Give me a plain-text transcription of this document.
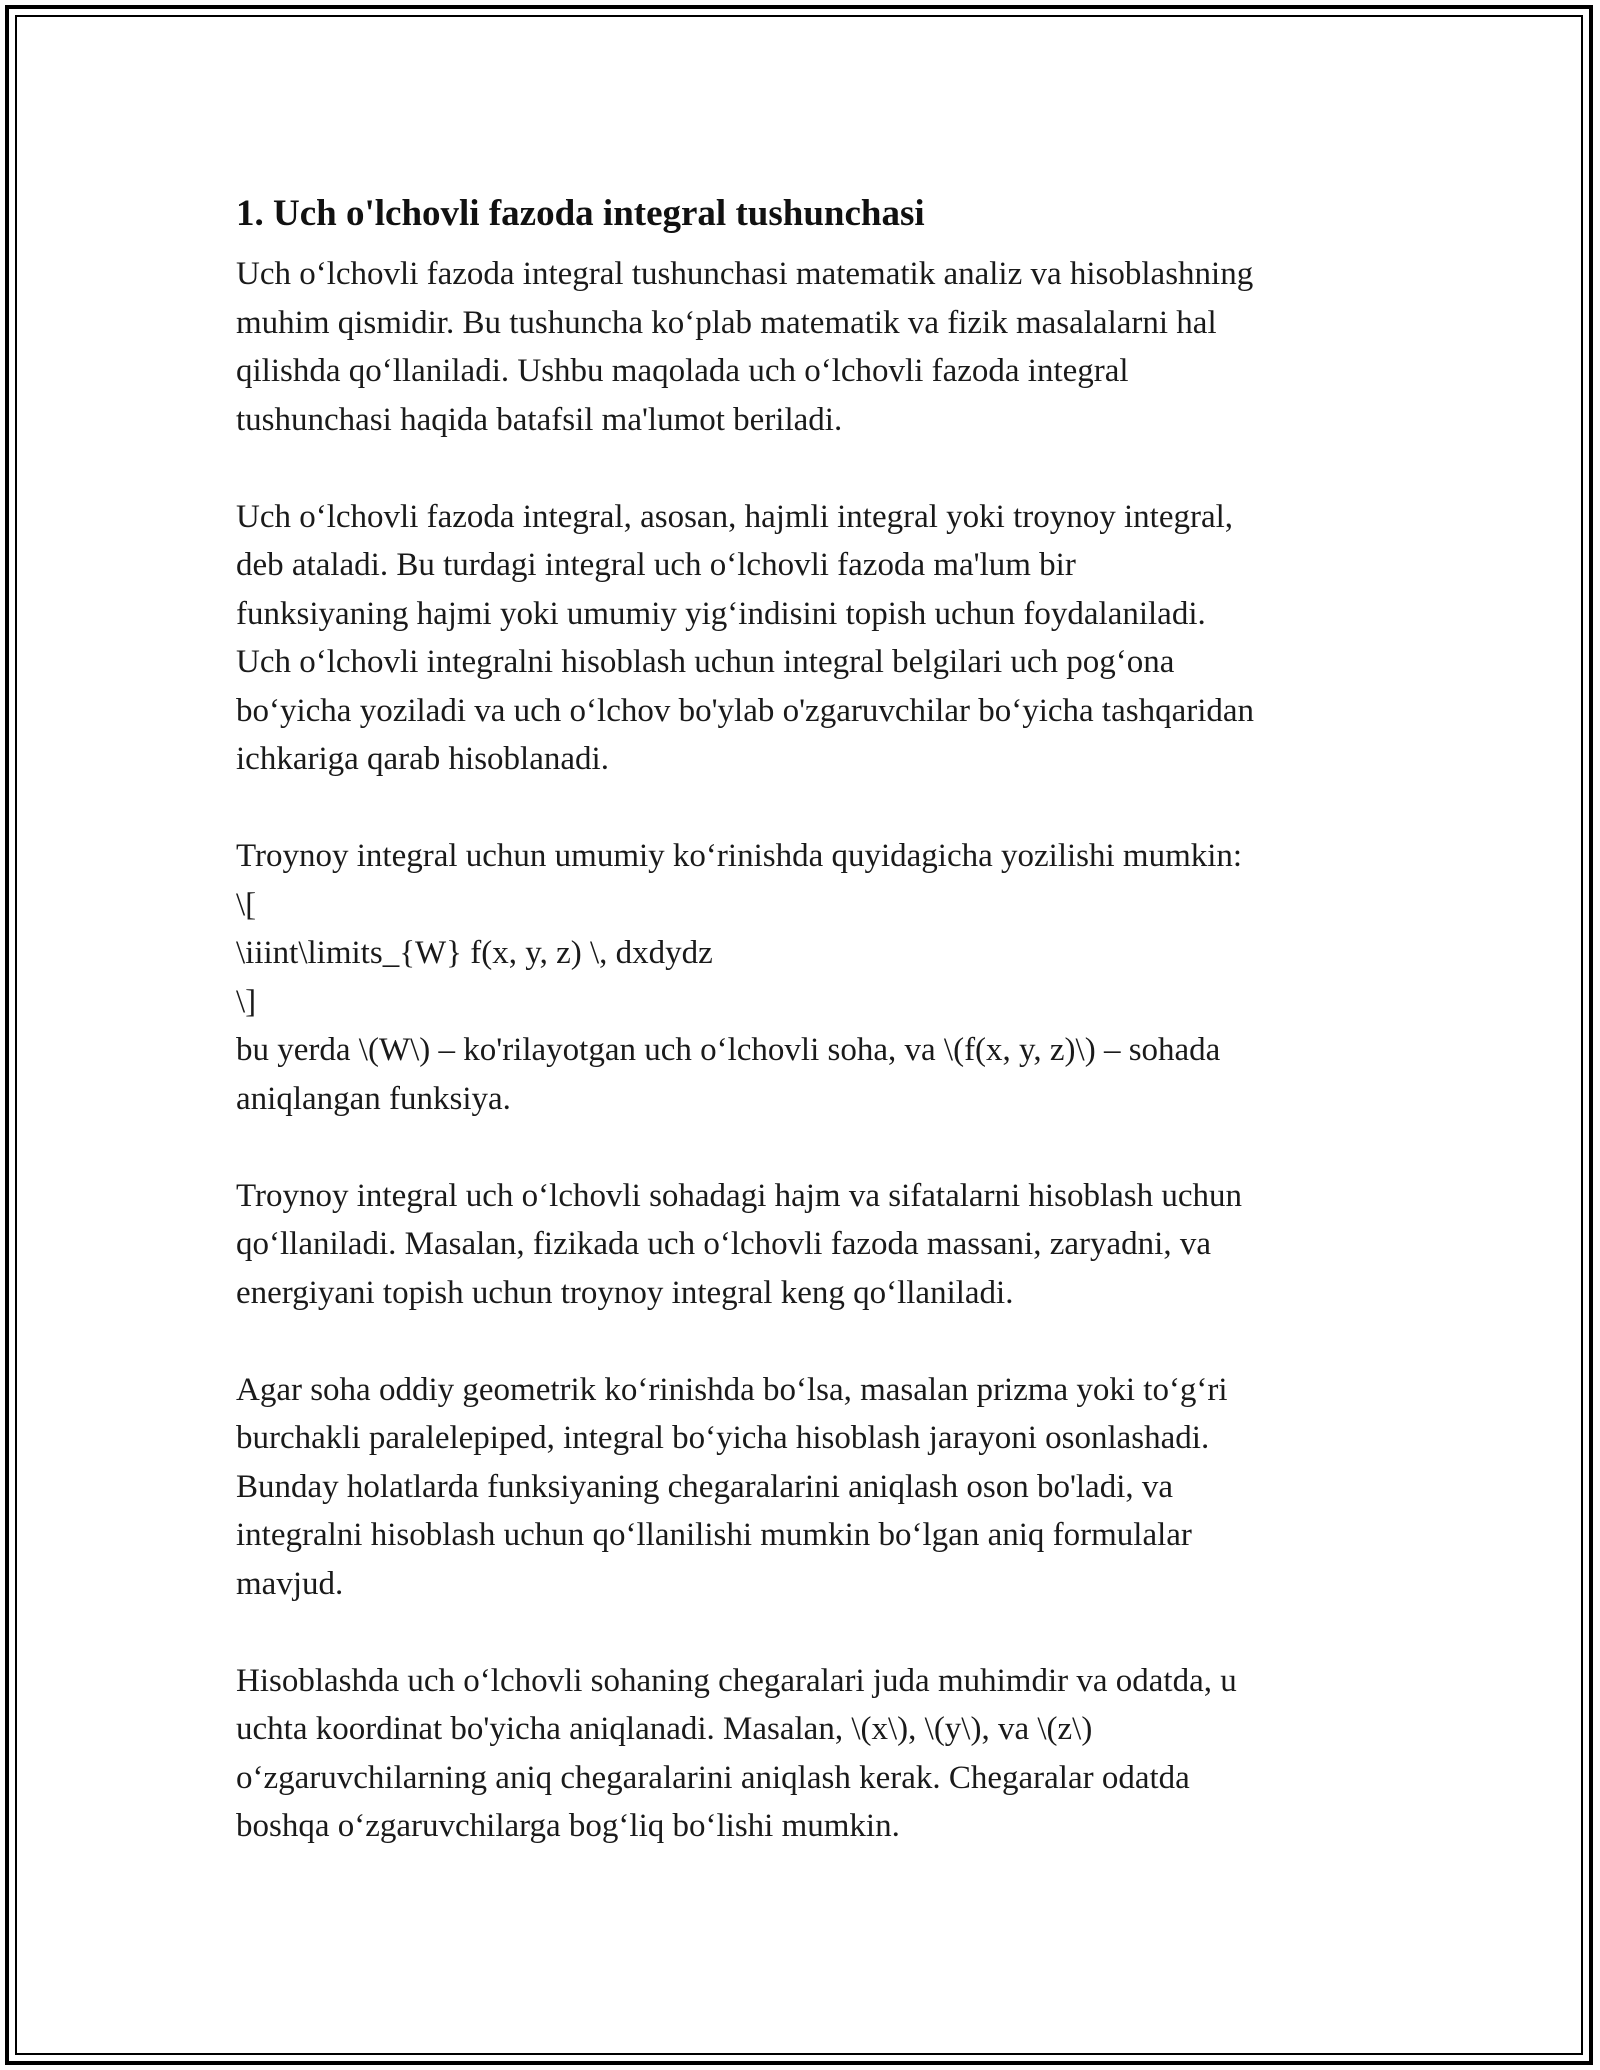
1. Uch o'lchovli fazoda integral tushunchasi

Uch o‘lchovli fazoda integral tushunchasi matematik analiz va hisoblashning
muhim qismidir. Bu tushuncha ko‘plab matematik va fizik masalalarni hal
qilishda qo‘llaniladi. Ushbu maqolada uch o‘lchovli fazoda integral
tushunchasi haqida batafsil ma'lumot beriladi.

Uch o‘lchovli fazoda integral, asosan, hajmli integral yoki troynoy integral,
deb ataladi. Bu turdagi integral uch o‘lchovli fazoda ma'lum bir
funksiyaning hajmi yoki umumiy yig‘indisini topish uchun foydalaniladi.
Uch o‘lchovli integralni hisoblash uchun integral belgilari uch pog‘ona
bo‘yicha yoziladi va uch o‘lchov bo'ylab o'zgaruvchilar bo‘yicha tashqaridan
ichkariga qarab hisoblanadi.

Troynoy integral uchun umumiy ko‘rinishda quyidagicha yozilishi mumkin:
\[
\iiint\limits_{W} f(x, y, z) \, dxdydz
\]

bu yerda \(W\) – ko'rilayotgan uch o‘lchovli soha, va \(f(x, y, z)\) – sohada
aniqlangan funksiya.

Troynoy integral uch o‘lchovli sohadagi hajm va sifatalarni hisoblash uchun
qo‘llaniladi. Masalan, fizikada uch o‘lchovli fazoda massani, zaryadni, va
energiyani topish uchun troynoy integral keng qo‘llaniladi.

Agar soha oddiy geometrik ko‘rinishda bo‘lsa, masalan prizma yoki to‘g‘ri
burchakli paralelepiped, integral bo‘yicha hisoblash jarayoni osonlashadi.
Bunday holatlarda funksiyaning chegaralarini aniqlash oson bo'ladi, va
integralni hisoblash uchun qo‘llanilishi mumkin bo‘lgan aniq formulalar
mavjud.

Hisoblashda uch o‘lchovli sohaning chegaralari juda muhimdir va odatda, u
uchta koordinat bo'yicha aniqlanadi. Masalan, \(x\), \(y\), va \(z\)
o‘zgaruvchilarning aniq chegaralarini aniqlash kerak. Chegaralar odatda
boshqa o‘zgaruvchilarga bog‘liq bo‘lishi mumkin.
